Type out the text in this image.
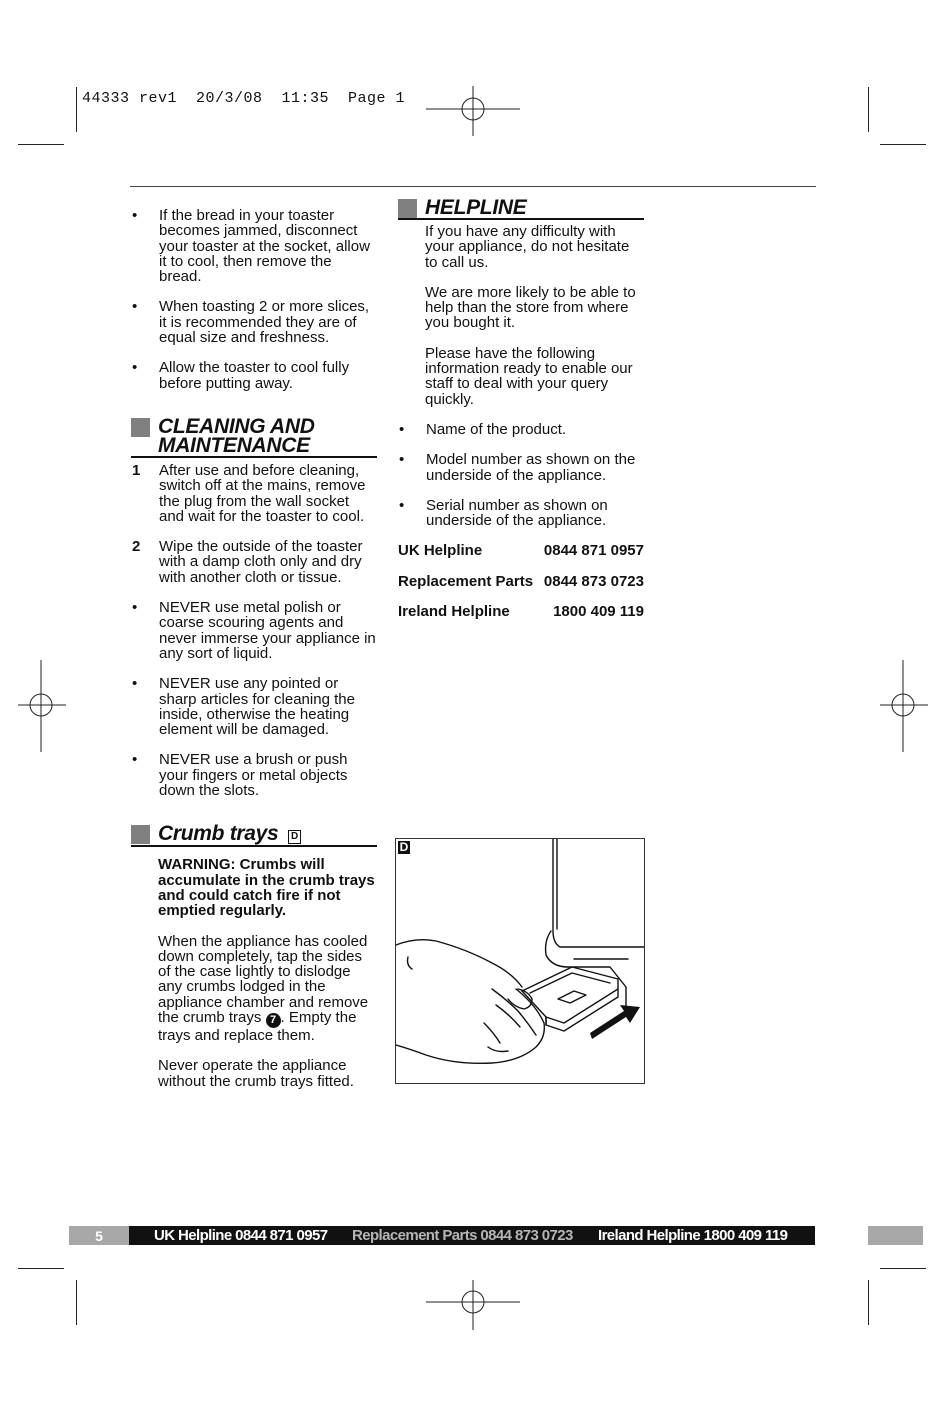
44333 rev1  20/3/08  11:35  Page 1
•	If the bread in your toaster becomes jammed, disconnect your toaster at the socket, allow it to cool, then remove the bread.
•	When toasting 2 or more slices, it is recommended they are of equal size and freshness.
•	Allow the toaster to cool fully before putting away.
CLEANING AND
MAINTENANCE
1	After use and before cleaning, switch off at the mains, remove the plug from the wall socket and wait for the toaster to cool.
2	Wipe the outside of the toaster with a damp cloth only and dry with another cloth or tissue.
•	NEVER use metal polish or coarse scouring agents and never immerse your appliance in any sort of liquid.
•	NEVER use any pointed or sharp articles for cleaning the inside, otherwise the heating element will be damaged.
•	NEVER use a brush or push your fingers or metal objects down the slots.
Crumb trays D
WARNING: Crumbs will accumulate in the crumb trays and could catch fire if not emptied regularly.
When the appliance has cooled down completely, tap the sides of the case lightly to dislodge any crumbs lodged in the appliance chamber and remove the crumb trays 7 . Empty the trays and replace them.
Never operate the appliance without the crumb trays fitted.
HELPLINE
If you have any difficulty with your appliance, do not hesitate to call us.
We are more likely to be able to help than the store from where you bought it.
Please have the following information ready to enable our staff to deal with your query quickly.
•	Name of the product.
•	Model number as shown on the underside of the appliance.
•	Serial number as shown on underside of the appliance.
UK Helpline	0844 871 0957
Replacement Parts 0844 873 0723
Ireland Helpline	1800 409 119
D
5	UK Helpline 0844 871 0957 Replacement Parts 0844 873 0723 Ireland Helpline 1800 409 119
